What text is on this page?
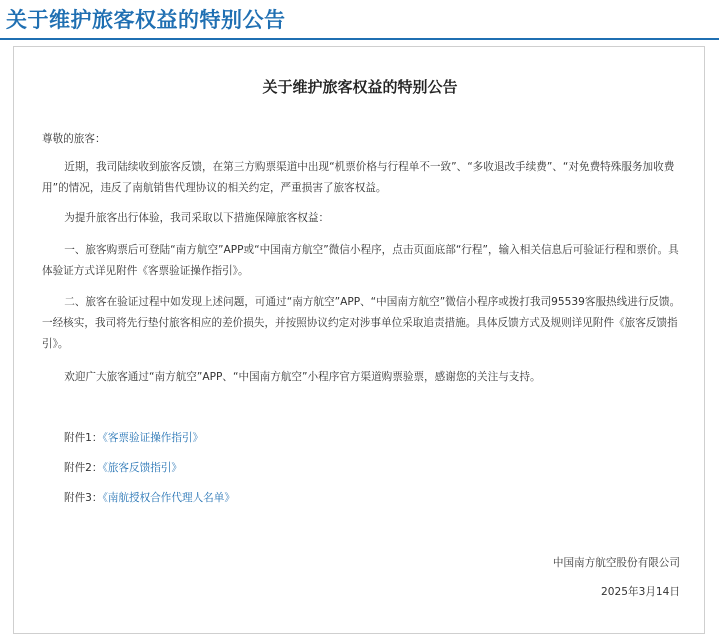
关于维护旅客权益的特别公告
关于维护旅客权益的特别公告

尊敬的旅客：

近期，我司陆续收到旅客反馈，在第三方购票渠道中出现“机票价格与行程单不一致”、“多收退改手续费”、“对免费特殊服务加收费用”的情况，违反了南航销售代理协议的相关约定，严重损害了旅客权益。

为提升旅客出行体验，我司采取以下措施保障旅客权益：

一、旅客购票后可登陆“南方航空”APP或“中国南方航空”微信小程序，点击页面底部“行程”，输入相关信息后可验证行程和票价。具体验证方式详见附件《客票验证操作指引》。

二、旅客在验证过程中如发现上述问题，可通过“南方航空”APP、“中国南方航空”微信小程序或拨打我司95539客服热线进行反馈。一经核实，我司将先行垫付旅客相应的差价损失，并按照协议约定对涉事单位采取追责措施。具体反馈方式及规则详见附件《旅客反馈指引》。

欢迎广大旅客通过“南方航空”APP、“中国南方航空”小程序官方渠道购票验票，感谢您的关注与支持。

附件1：《客票验证操作指引》

附件2：《旅客反馈指引》

附件3：《南航授权合作代理人名单》

中国南方航空股份有限公司

2025年3月14日
